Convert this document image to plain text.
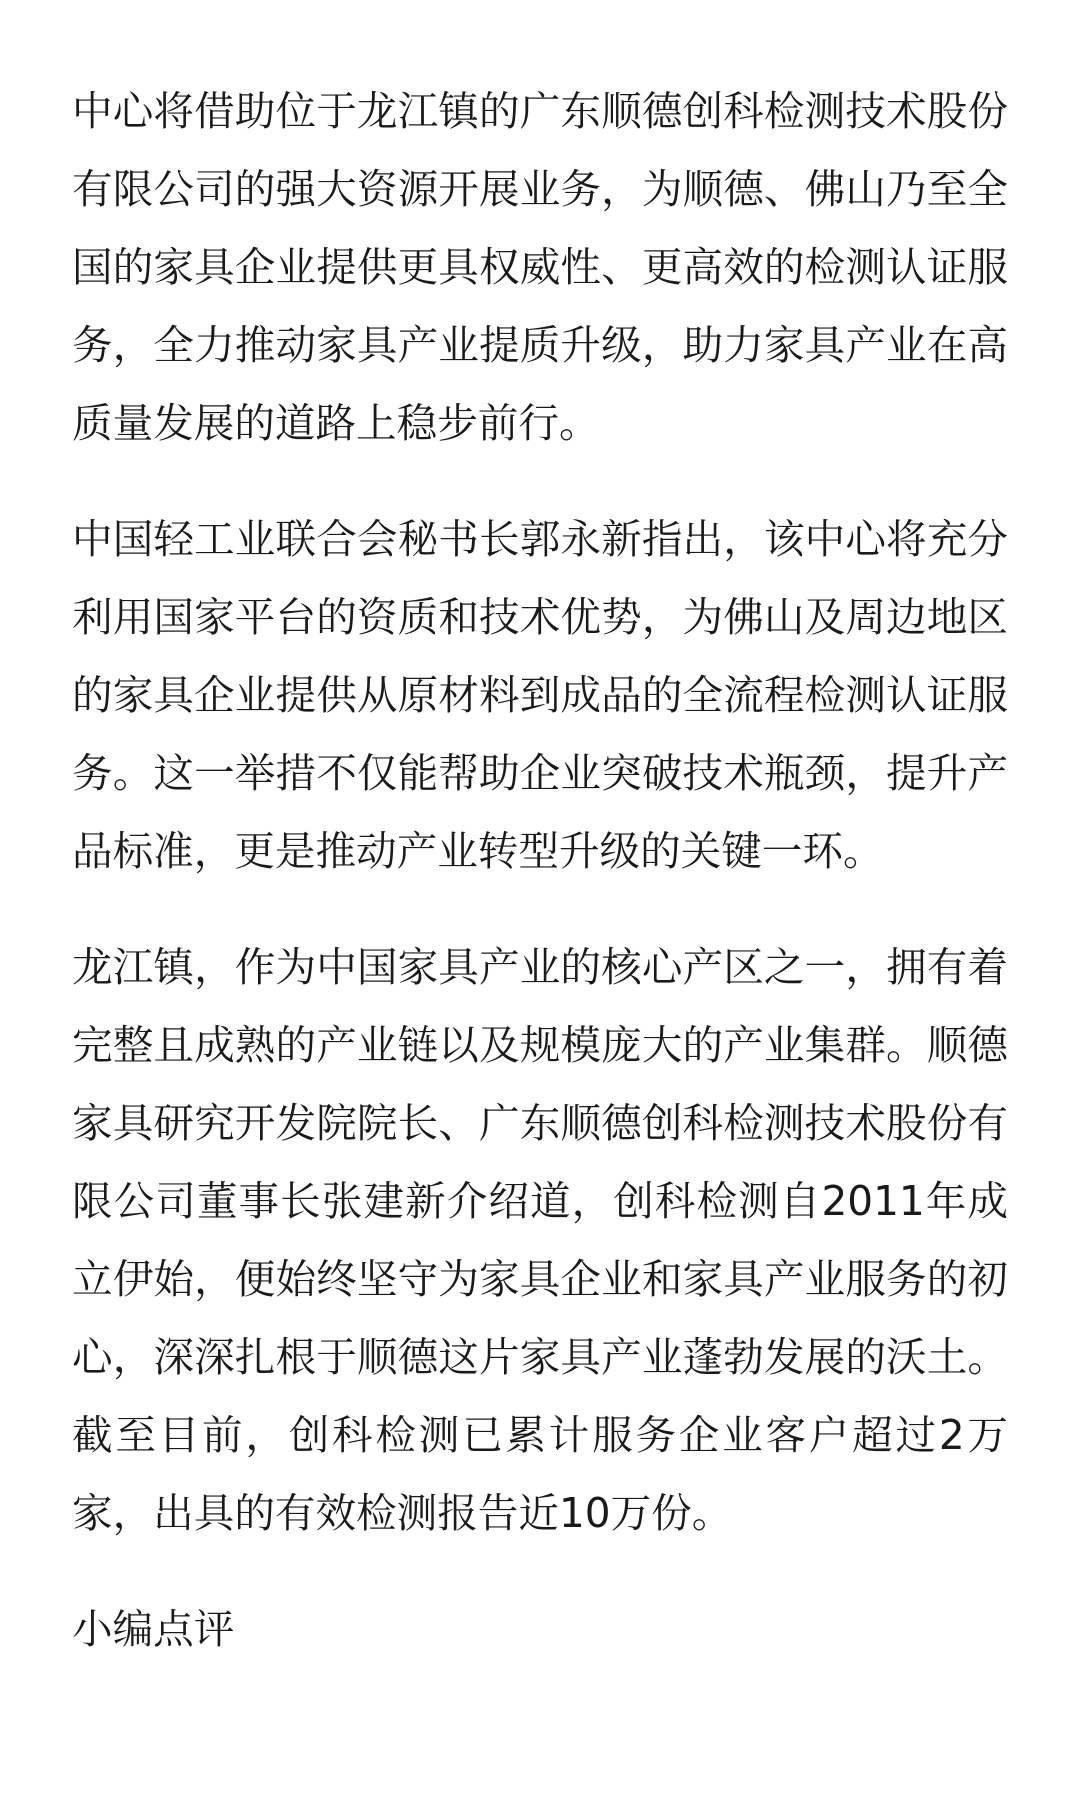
中心将借助位于龙江镇的广东顺德创科检测技术股份有限公司的强大资源开展业务，为顺德、佛山乃至全国的家具企业提供更具权威性、更高效的检测认证服务，全力推动家具产业提质升级，助力家具产业在高质量发展的道路上稳步前行。

中国轻工业联合会秘书长郭永新指出，该中心将充分利用国家平台的资质和技术优势，为佛山及周边地区的家具企业提供从原材料到成品的全流程检测认证服务。这一举措不仅能帮助企业突破技术瓶颈，提升产品标准，更是推动产业转型升级的关键一环。

龙江镇，作为中国家具产业的核心产区之一，拥有着完整且成熟的产业链以及规模庞大的产业集群。顺德家具研究开发院院长、广东顺德创科检测技术股份有限公司董事长张建新介绍道，创科检测自2011年成立伊始，便始终坚守为家具企业和家具产业服务的初心，深深扎根于顺德这片家具产业蓬勃发展的沃土。截至目前，创科检测已累计服务企业客户超过2万家，出具的有效检测报告近10万份。

小编点评
